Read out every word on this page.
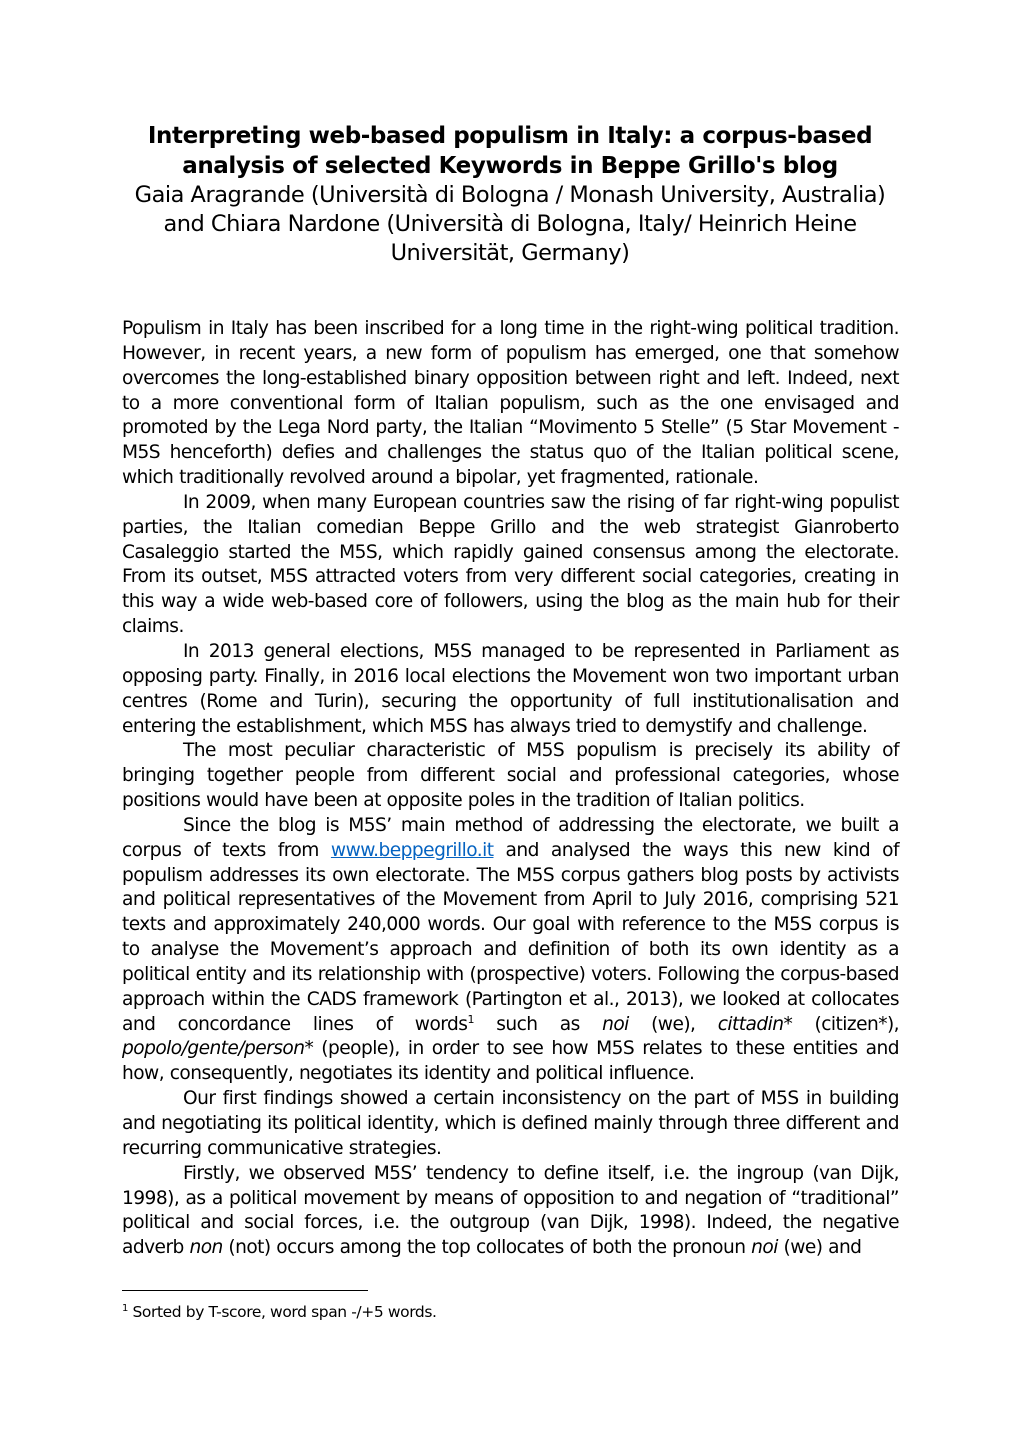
Interpreting web-based populism in Italy: a corpus-based
analysis of selected Keywords in Beppe Grillo's blog
Gaia Aragrande (Università di Bologna / Monash University, Australia) and Chiara Nardone (Università di Bologna, Italy/ Heinrich Heine Universität, Germany)

Populism in Italy has been inscribed for a long time in the right-wing political tradition. However, in recent years, a new form of populism has emerged, one that somehow overcomes the long-established binary opposition between right and left. Indeed, next to a more conventional form of Italian populism, such as the one envisaged and promoted by the Lega Nord party, the Italian “Movimento 5 Stelle” (5 Star Movement - M5S henceforth) defies and challenges the status quo of the Italian political scene, which traditionally revolved around a bipolar, yet fragmented, rationale.

In 2009, when many European countries saw the rising of far right-wing populist parties, the Italian comedian Beppe Grillo and the web strategist Gianroberto Casaleggio started the M5S, which rapidly gained consensus among the electorate. From its outset, M5S attracted voters from very different social categories, creating in this way a wide web-based core of followers, using the blog as the main hub for their claims.

In 2013 general elections, M5S managed to be represented in Parliament as opposing party. Finally, in 2016 local elections the Movement won two important urban centres (Rome and Turin), securing the opportunity of full institutionalisation and entering the establishment, which M5S has always tried to demystify and challenge.

The most peculiar characteristic of M5S populism is precisely its ability of bringing together people from different social and professional categories, whose positions would have been at opposite poles in the tradition of Italian politics.

Since the blog is M5S’ main method of addressing the electorate, we built a corpus of texts from www.beppegrillo.it and analysed the ways this new kind of populism addresses its own electorate. The M5S corpus gathers blog posts by activists and political representatives of the Movement from April to July 2016, comprising 521 texts and approximately 240,000 words. Our goal with reference to the M5S corpus is to analyse the Movement’s approach and definition of both its own identity as a political entity and its relationship with (prospective) voters. Following the corpus-based approach within the CADS framework (Partington et al., 2013), we looked at collocates and concordance lines of words$^1$ such as noi (we), cittadin* (citizen*), popolo/gente/person* (people), in order to see how M5S relates to these entities and how, consequently, negotiates its identity and political influence.

Our first findings showed a certain inconsistency on the part of M5S in building and negotiating its political identity, which is defined mainly through three different and recurring communicative strategies.

Firstly, we observed M5S’ tendency to define itself, i.e. the ingroup (van Dijk, 1998), as a political movement by means of opposition to and negation of “traditional” political and social forces, i.e. the outgroup (van Dijk, 1998). Indeed, the negative adverb non (not) occurs among the top collocates of both the pronoun noi (we) and

$^1$ Sorted by T-score, word span -/+5 words.
